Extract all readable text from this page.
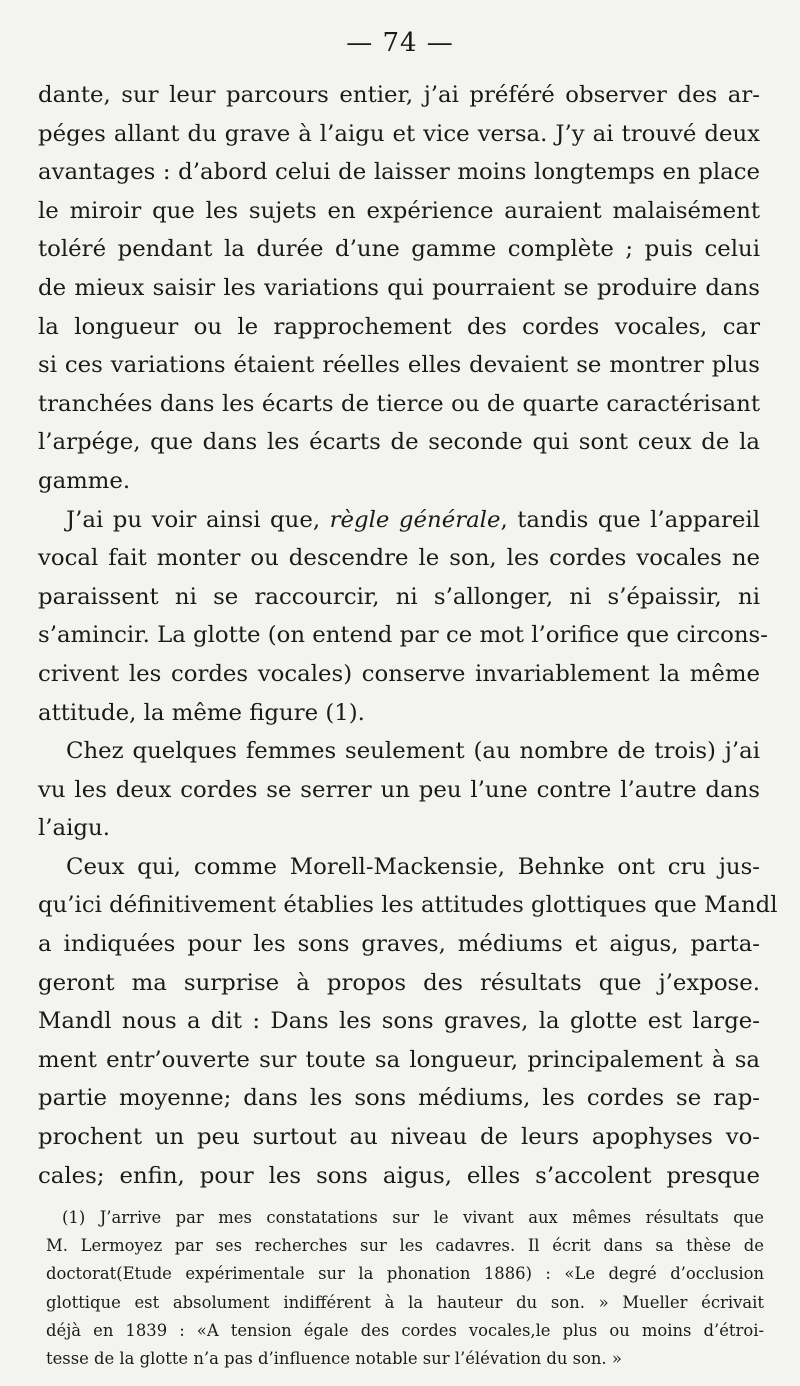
— 74 —

dante, sur leur parcours entier, j’ai préféré observer des ar-
péges allant du grave à l’aigu et vice versa. J’y ai trouvé deux
avantages : d’abord celui de laisser moins longtemps en place
le miroir que les sujets en expérience auraient malaisément
toléré pendant la durée d’une gamme complète ; puis celui
de mieux saisir les variations qui pourraient se produire dans
la longueur ou le rapprochement des cordes vocales, car
si ces variations étaient réelles elles devaient se montrer plus
tranchées dans les écarts de tierce ou de quarte caractérisant
l’arpége, que dans les écarts de seconde qui sont ceux de la
gamme.

J’ai pu voir ainsi que, règle générale, tandis que l’appareil
vocal fait monter ou descendre le son, les cordes vocales ne
paraissent ni se raccourcir, ni s’allonger, ni s’épaissir, ni
s’amincir. La glotte (on entend par ce mot l’orifice que circons-
crivent les cordes vocales) conserve invariablement la même
attitude, la même figure (1).

Chez quelques femmes seulement (au nombre de trois) j’ai
vu les deux cordes se serrer un peu l’une contre l’autre dans
l’aigu.

Ceux qui, comme Morell-Mackensie, Behnke ont cru jus-
qu’ici définitivement établies les attitudes glottiques que Mandl
a indiquées pour les sons graves, médiums et aigus, parta-
geront ma surprise à propos des résultats que j’expose.
Mandl nous a dit : Dans les sons graves, la glotte est large-
ment entr’ouverte sur toute sa longueur, principalement à sa
partie moyenne; dans les sons médiums, les cordes se rap-
prochent un peu surtout au niveau de leurs apophyses vo-
cales; enfin, pour les sons aigus, elles s’accolent presque

(1) J’arrive par mes constatations sur le vivant aux mêmes résultats que
M. Lermoyez par ses recherches sur les cadavres. Il écrit dans sa thèse de
doctorat(Etude expérimentale sur la phonation 1886) : «Le degré d’occlusion
glottique est absolument indifférent à la hauteur du son. » Mueller écrivait
déjà en 1839 : «A tension égale des cordes vocales,le plus ou moins d’étroi-
tesse de la glotte n’a pas d’influence notable sur l’élévation du son. »
